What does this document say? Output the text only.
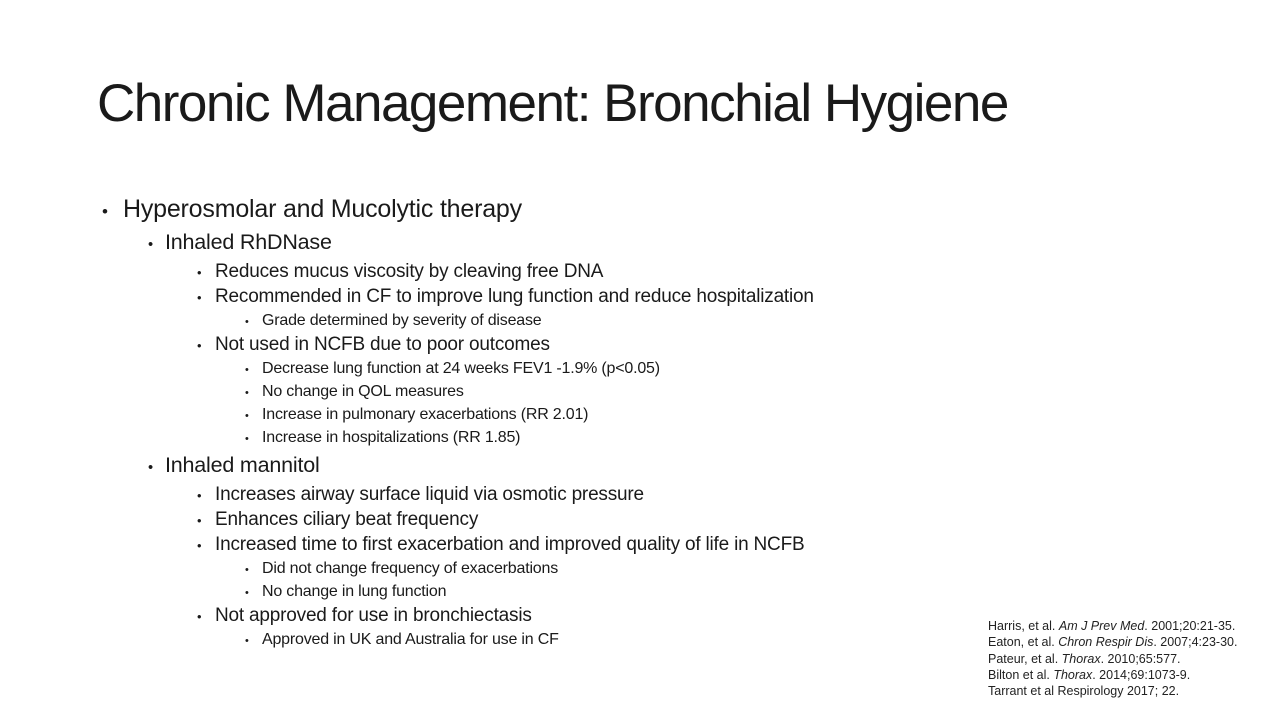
Chronic Management: Bronchial Hygiene
• Hyperosmolar and Mucolytic therapy
• Inhaled RhDNase
• Reduces mucus viscosity by cleaving free DNA
• Recommended in CF to improve lung function and reduce hospitalization
• Grade determined by severity of disease
• Not used in NCFB due to poor outcomes
• Decrease lung function at 24 weeks FEV1 -1.9% (p<0.05)
• No change in QOL measures
• Increase in pulmonary exacerbations (RR 2.01)
• Increase in hospitalizations (RR 1.85)
• Inhaled mannitol
• Increases airway surface liquid via osmotic pressure
• Enhances ciliary beat frequency
• Increased time to first exacerbation and improved quality of life in NCFB
• Did not change frequency of exacerbations
• No change in lung function
• Not approved for use in bronchiectasis
• Approved in UK and Australia for use in CF
Harris, et al. Am J Prev Med. 2001;20:21-35.
Eaton, et al. Chron Respir Dis. 2007;4:23-30.
Pateur, et al. Thorax. 2010;65:577.
Bilton et al. Thorax. 2014;69:1073-9.
Tarrant et al Respirology 2017; 22.
